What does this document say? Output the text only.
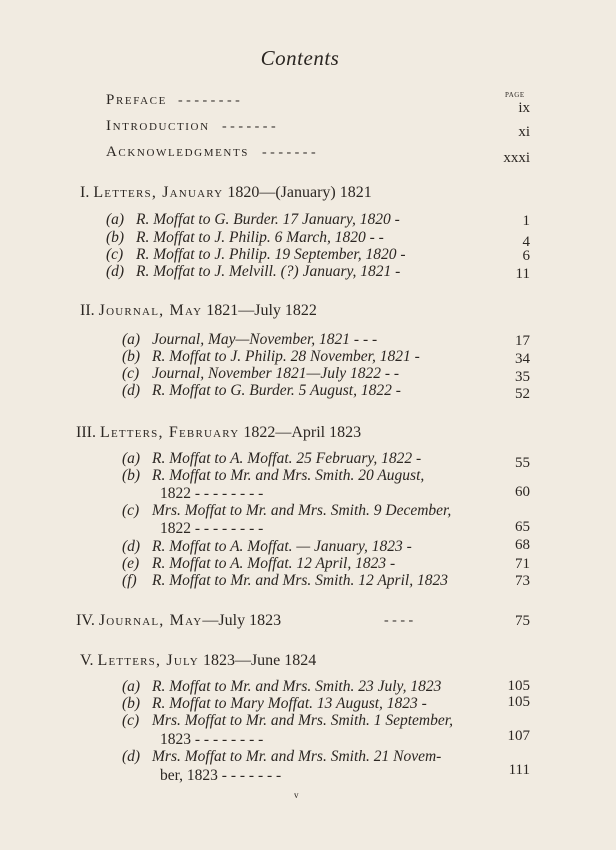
Contents
PAGE
Preface - - - - - - - -	ix
Introduction - - - - - - -	xi
Acknowledgments - - - - - - -	xxxi
I. Letters, January 1820—(January) 1821
(a) R. Moffat to G. Burder. 17 January, 1820 -	1
(b) R. Moffat to J. Philip. 6 March, 1820 - -	4
(c) R. Moffat to J. Philip. 19 September, 1820 -	6
(d) R. Moffat to J. Melvill. (?) January, 1821 -	11
II. Journal, May 1821—July 1822
(a) Journal, May—November, 1821 - - -	17
(b) R. Moffat to J. Philip. 28 November, 1821 -	34
(c) Journal, November 1821—July 1822 - -	35
(d) R. Moffat to G. Burder. 5 August, 1822 -	52
III. Letters, February 1822—April 1823
(a) R. Moffat to A. Moffat. 25 February, 1822 -	55
(b) R. Moffat to Mr. and Mrs. Smith. 20 August,
1822 - - - - - - - -	60
(c) Mrs. Moffat to Mr. and Mrs. Smith. 9 December,
1822 - - - - - - - -	65
(d) R. Moffat to A. Moffat. — January, 1823 -	68
(e) R. Moffat to A. Moffat. 12 April, 1823 -	71
(f) R. Moffat to Mr. and Mrs. Smith. 12 April, 1823	73
IV. Journal, May—July 1823	- - - -	75
V. Letters, July 1823—June 1824
(a) R. Moffat to Mr. and Mrs. Smith. 23 July, 1823	105
(b) R. Moffat to Mary Moffat. 13 August, 1823 -	105
(c) Mrs. Moffat to Mr. and Mrs. Smith. 1 September,
1823 - - - - - - - -	107
(d) Mrs. Moffat to Mr. and Mrs. Smith. 21 Novem-
ber, 1823 - - - - - - -	111
v
